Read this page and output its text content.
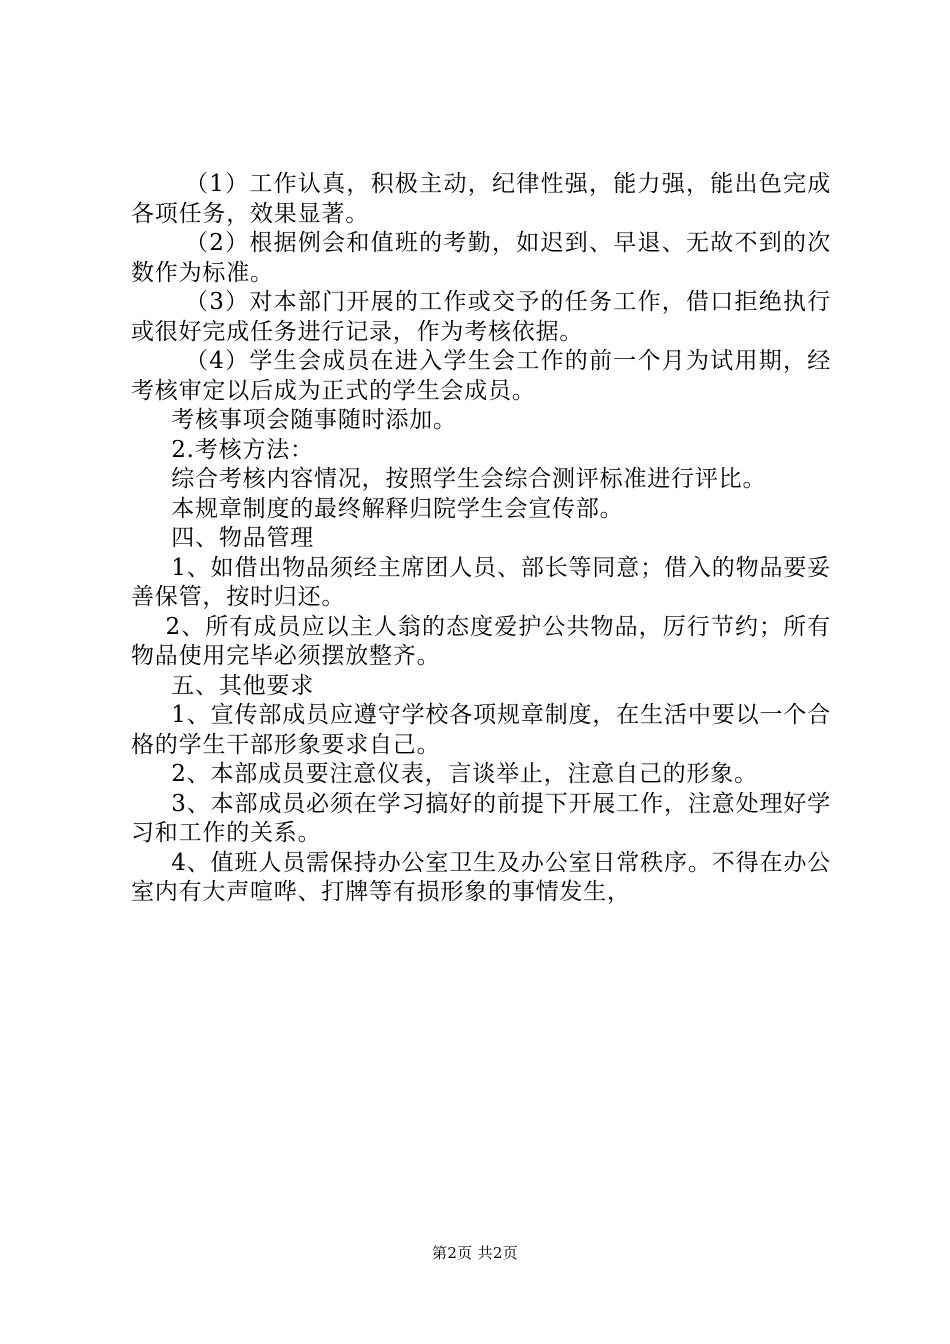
（1）工作认真，积极主动，纪律性强，能力强，能出色完成各项任务，效果显著。

（2）根据例会和值班的考勤，如迟到、早退、无故不到的次数作为标准。

（3）对本部门开展的工作或交予的任务工作，借口拒绝执行或很好完成任务进行记录，作为考核依据。

（4）学生会成员在进入学生会工作的前一个月为试用期，经考核审定以后成为正式的学生会成员。

考核事项会随事随时添加。

2.考核方法：

综合考核内容情况，按照学生会综合测评标准进行评比。

本规章制度的最终解释归院学生会宣传部。

四、物品管理

1、如借出物品须经主席团人员、部长等同意；借入的物品要妥善保管，按时归还。

2、所有成员应以主人翁的态度爱护公共物品，厉行节约；所有物品使用完毕必须摆放整齐。

五、其他要求

1、宣传部成员应遵守学校各项规章制度，在生活中要以一个合格的学生干部形象要求自己。

2、本部成员要注意仪表，言谈举止，注意自己的形象。

3、本部成员必须在学习搞好的前提下开展工作，注意处理好学习和工作的关系。

4、值班人员需保持办公室卫生及办公室日常秩序。不得在办公室内有大声喧哗、打牌等有损形象的事情发生，

第2页 共2页
